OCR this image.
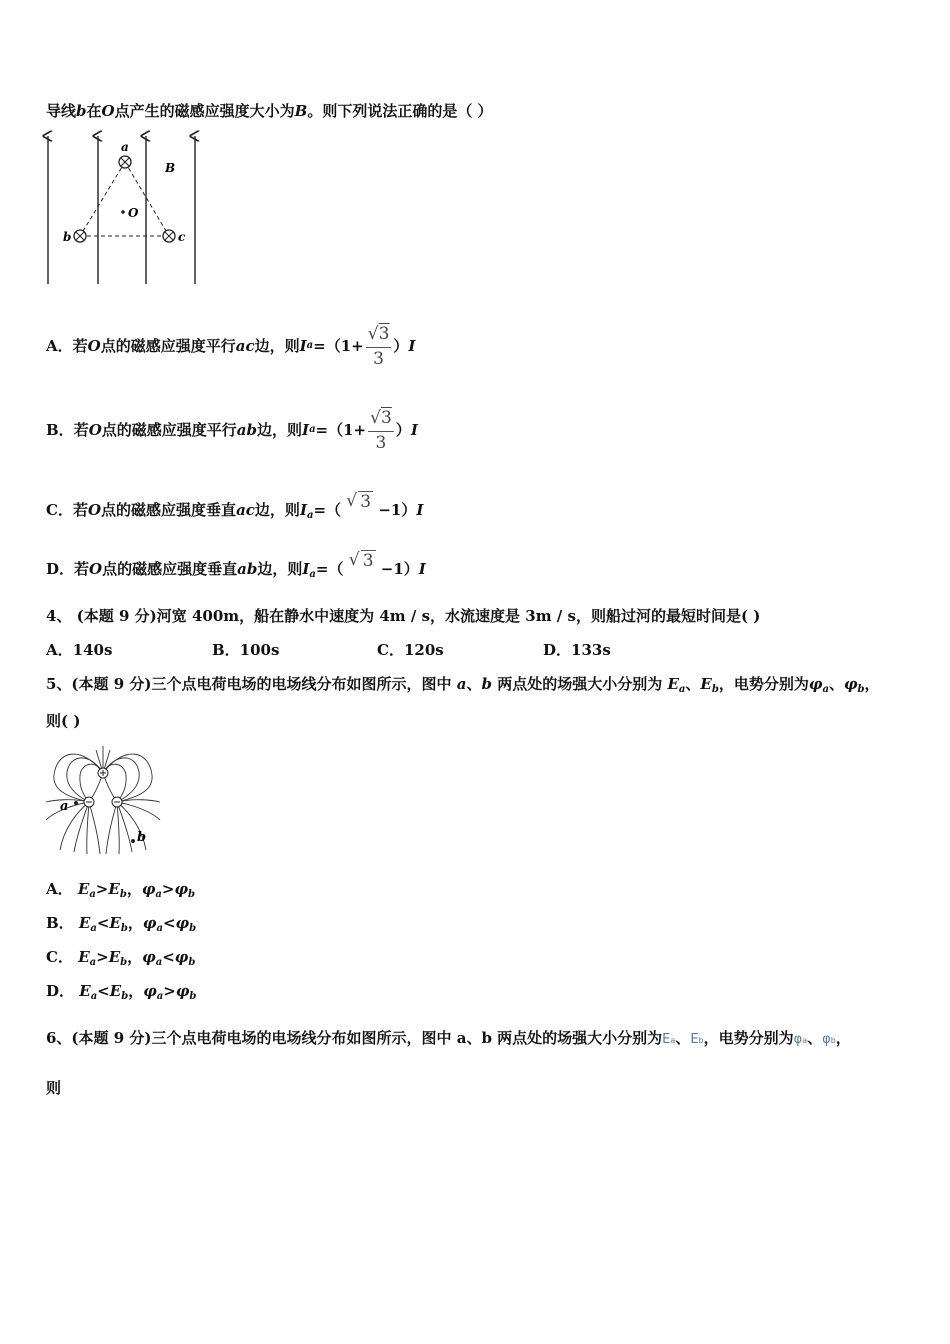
导线b在O点产生的磁感应强度大小为B。则下列说法正确的是（ ）
a
b	c
O
B
A． 若 O 点的磁感应强度平行 ac 边，则 I $a =(1+ \frac{√3}{3}$ ） I
B． 若 O 点的磁感应强度平行 ab 边，则 I $a =(1+ \frac{√3}{3}$ ） I
C．若O点的磁感应强度垂直ac边，则$I_a=$（ √ 3 −1）I
D．若O点的磁感应强度垂直ab边，则$I_a=$（ √ 3 −1）I
4、 (本题 9 分)河宽 400m，船在静水中速度为 4m / s，水流速度是 3m / s，则船过河的最短时间是( )
A．140s	B．100s	C．120s	D．133s
5、(本题 9 分)三个点电荷电场的电场线分布如图所示，图中 a、b 两点处的场强大小分别为 $E_a$、$E_b$，电势分别为$\varphi_a$、$\varphi_b$，
则( )
a
b
A． $E_a>E_b$，$\varphi_a>\varphi_b$
B． $E_a<E_b$，$\varphi_a<\varphi_b$
C． $E_a>E_b$，$\varphi_a<\varphi_b$
D． $E_a<E_b$，$\varphi_a>\varphi_b$
6、(本题 9 分)三个点电荷电场的电场线分布如图所示，图中 a、b 两点处的场强大小分别为Ea、Eb，电势分别为φa、φb，
则
